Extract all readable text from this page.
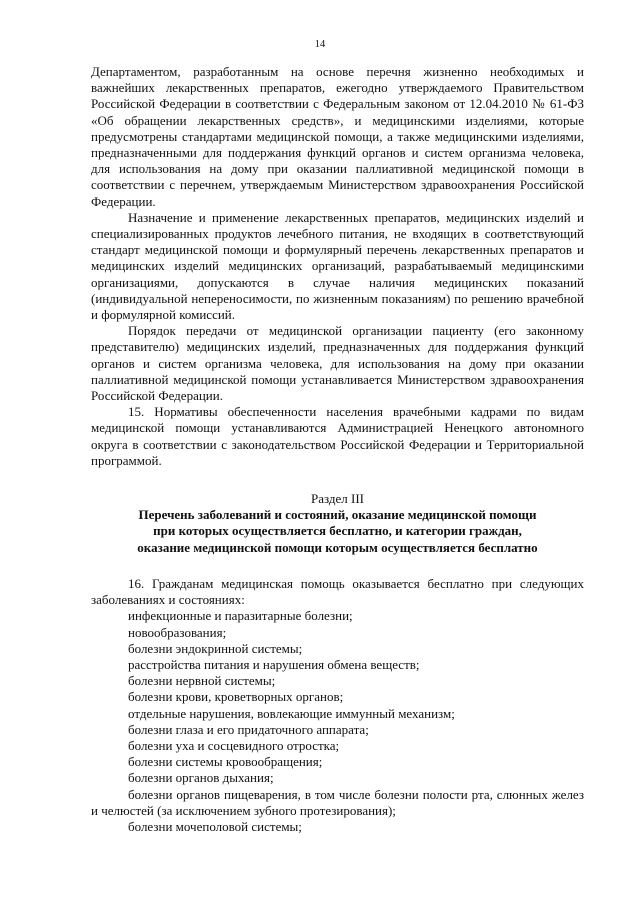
14

Департаментом, разработанным на основе перечня жизненно необходимых и важнейших лекарственных препаратов, ежегодно утверждаемого Правительством Российской Федерации в соответствии с Федеральным законом от 12.04.2010 № 61-ФЗ «Об обращении лекарственных средств», и медицинскими изделиями, которые предусмотрены стандартами медицинской помощи, а также медицинскими изделиями, предназначенными для поддержания функций органов и систем организма человека, для использования на дому при оказании паллиативной медицинской помощи в соответствии с перечнем, утверждаемым Министерством здравоохранения Российской Федерации.

Назначение и применение лекарственных препаратов, медицинских изделий и специализированных продуктов лечебного питания, не входящих в соответствующий стандарт медицинской помощи и формулярный перечень лекарственных препаратов и медицинских изделий медицинских организаций, разрабатываемый медицинскими организациями, допускаются в случае наличия медицинских показаний (индивидуальной непереносимости, по жизненным показаниям) по решению врачебной и формулярной комиссий.

Порядок передачи от медицинской организации пациенту (его законному представителю) медицинских изделий, предназначенных для поддержания функций органов и систем организма человека, для использования на дому при оказании паллиативной медицинской помощи устанавливается Министерством здравоохранения Российской Федерации.

15. Нормативы обеспеченности населения врачебными кадрами по видам медицинской помощи устанавливаются Администрацией Ненецкого автономного округа в соответствии с законодательством Российской Федерации и Территориальной программой.

Раздел III

Перечень заболеваний и состояний, оказание медицинской помощи при которых осуществляется бесплатно, и категории граждан, оказание медицинской помощи которым осуществляется бесплатно

16. Гражданам медицинская помощь оказывается бесплатно при следующих заболеваниях и состояниях:

инфекционные и паразитарные болезни;
новообразования;
болезни эндокринной системы;
расстройства питания и нарушения обмена веществ;
болезни нервной системы;
болезни крови, кроветворных органов;
отдельные нарушения, вовлекающие иммунный механизм;
болезни глаза и его придаточного аппарата;
болезни уха и сосцевидного отростка;
болезни системы кровообращения;
болезни органов дыхания;
болезни органов пищеварения, в том числе болезни полости рта, слюнных желез и челюстей (за исключением зубного протезирования);
болезни мочеполовой системы;
